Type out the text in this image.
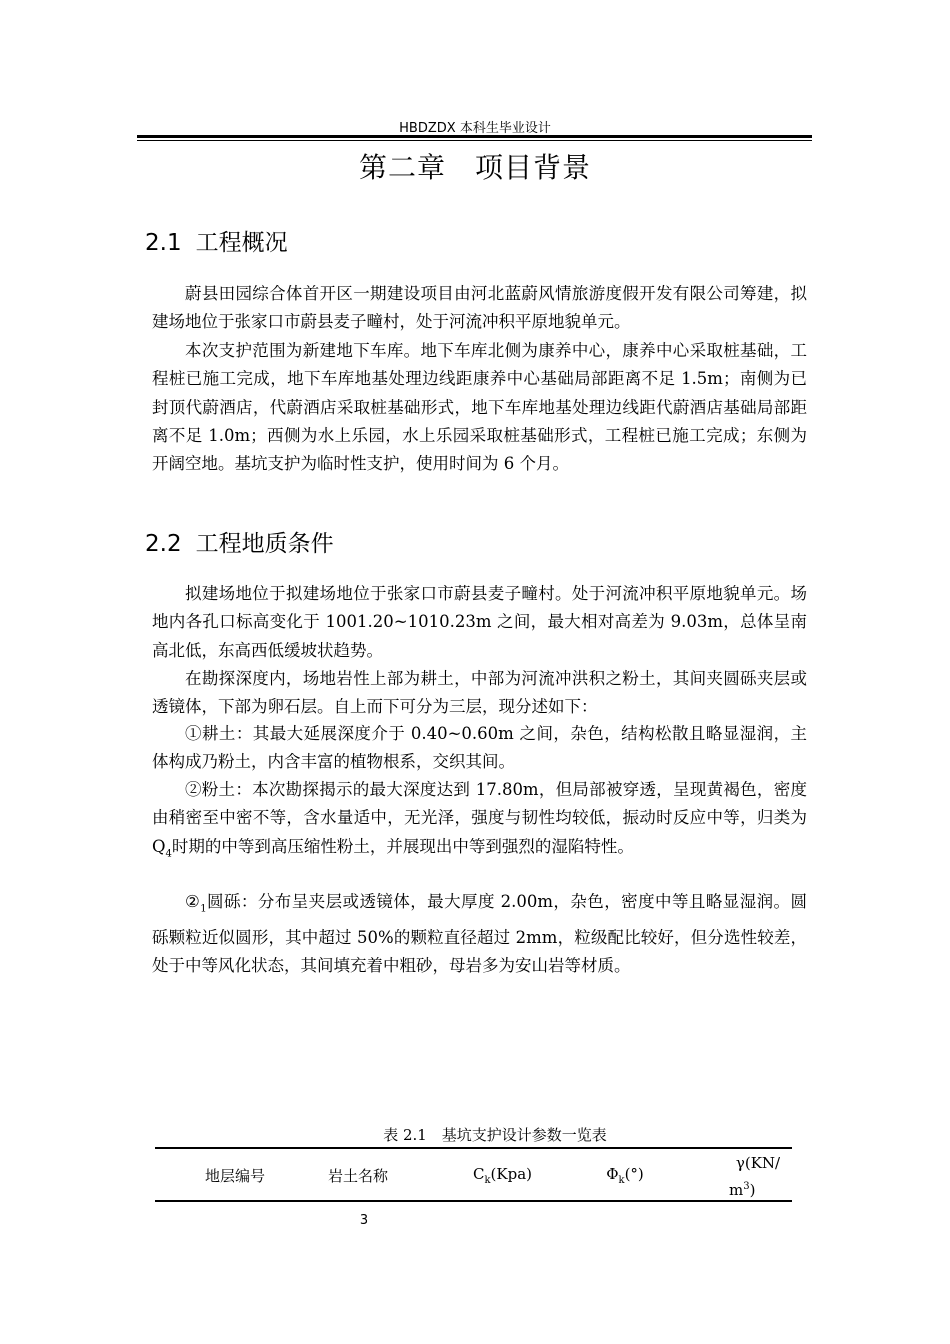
HBDZDX 本科生毕业设计
第二章　项目背景
2.1 工程概况

蔚县田园综合体首开区一期建设项目由河北蓝蔚风情旅游度假开发有限公司筹建，拟建场地位于张家口市蔚县麦子疃村，处于河流冲积平原地貌单元。

本次支护范围为新建地下车库。地下车库北侧为康养中心，康养中心采取桩基础，工程桩已施工完成，地下车库地基处理边线距康养中心基础局部距离不足 1.5m；南侧为已封顶代蔚酒店，代蔚酒店采取桩基础形式，地下车库地基处理边线距代蔚酒店基础局部距离不足 1.0m；西侧为水上乐园，水上乐园采取桩基础形式，工程桩已施工完成；东侧为开阔空地。基坑支护为临时性支护，使用时间为 6 个月。

2.2 工程地质条件

拟建场地位于拟建场地位于张家口市蔚县麦子疃村。处于河流冲积平原地貌单元。场地内各孔口标高变化于 1001.20~1010.23m 之间，最大相对高差为 9.03m，总体呈南高北低，东高西低缓坡状趋势。

在勘探深度内，场地岩性上部为耕土，中部为河流冲洪积之粉土，其间夹圆砾夹层或透镜体，下部为卵石层。自上而下可分为三层，现分述如下：

①耕土：其最大延展深度介于 0.40~0.60m 之间，杂色，结构松散且略显湿润，主体构成乃粉土，内含丰富的植物根系，交织其间。

②粉土：本次勘探揭示的最大深度达到 17.80m，但局部被穿透，呈现黄褐色，密度由稍密至中密不等，含水量适中，无光泽，强度与韧性均较低，振动时反应中等，归类为 $Q_4$时期的中等到高压缩性粉土，并展现出中等到强烈的湿陷特性。

$②_1$圆砾：分布呈夹层或透镜体，最大厚度 2.00m，杂色，密度中等且略显湿润。圆砾颗粒近似圆形，其中超过 50%的颗粒直径超过 2mm，粒级配比较好，但分选性较差，处于中等风化状态，其间填充着中粗砂，母岩多为安山岩等材质。

表 2.1　基坑支护设计参数一览表
地层编号	岩土名称	$C_k(Kpa)$	$\Phi_k(^\circ)$
γ(KN/
$m^3$)
3
